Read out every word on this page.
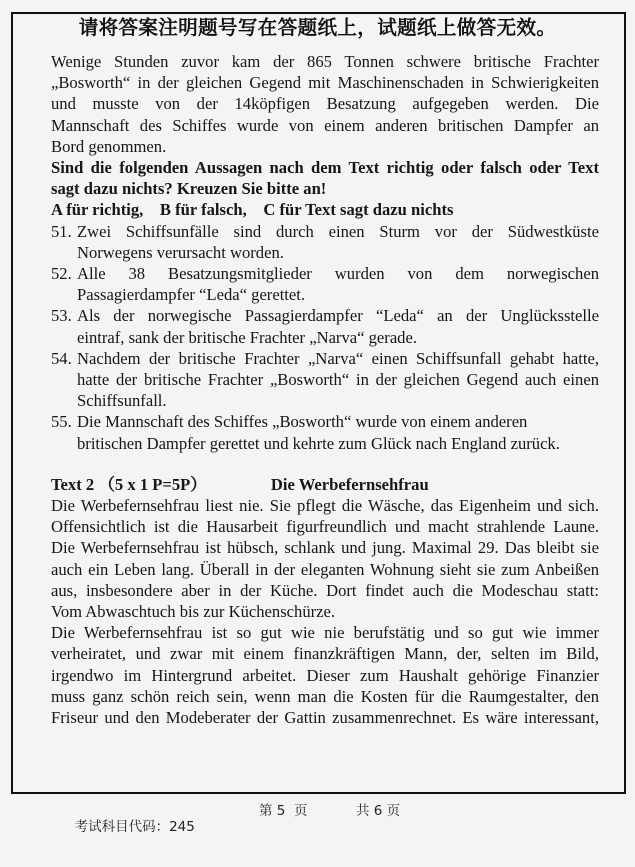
请将答案注明题号写在答题纸上，试题纸上做答无效。

Wenige Stunden zuvor kam der 865 Tonnen schwere britische Frachter

„Bosworth“ in der gleichen Gegend mit Maschinenschaden in Schwierigkeiten

und musste von der 14köpfigen Besatzung aufgegeben werden. Die

Mannschaft des Schiffes wurde von einem anderen britischen Dampfer an

Bord genommen.

Sind die folgenden Aussagen nach dem Text richtig oder falsch oder Text

sagt dazu nichts? Kreuzen Sie bitte an!

A für richtig,    B für falsch,    C für Text sagt dazu nichts

51. Zwei Schiffsunfälle sind durch einen Sturm vor der Südwestküste
Norwegens verursacht worden.
52. Alle 38 Besatzungsmitglieder wurden von dem norwegischen
Passagierdampfer “Leda“ gerettet.
53. Als der norwegische Passagierdampfer “Leda“ an der Unglücksstelle
eintraf, sank der britische Frachter „Narva“ gerade.
54. Nachdem der britische Frachter „Narva“ einen Schiffsunfall gehabt hatte,
hatte der britische Frachter „Bosworth“ in der gleichen Gegend auch einen
Schiffsunfall.
55. Die Mannschaft des Schiffes „Bosworth“ wurde von einem anderen
britischen Dampfer gerettet und kehrte zum Glück nach England zurück.

Text 2 （5 x 1 P=5P）	Die Werbefernsehfrau

Die Werbefernsehfrau liest nie. Sie pflegt die Wäsche, das Eigenheim und sich.

Offensichtlich ist die Hausarbeit figurfreundlich und macht strahlende Laune.

Die Werbefernsehfrau ist hübsch, schlank und jung. Maximal 29. Das bleibt sie

auch ein Leben lang. Überall in der eleganten Wohnung sieht sie zum Anbeißen

aus, insbesondere aber in der Küche. Dort findet auch die Modeschau statt:

Vom Abwaschtuch bis zur Küchenschürze.

Die Werbefernsehfrau ist so gut wie nie berufstätig und so gut wie immer

verheiratet, und zwar mit einem finanzkräftigen Mann, der, selten im Bild,

irgendwo im Hintergrund arbeitet. Dieser zum Haushalt gehörige Finanzier

muss ganz schön reich sein, wenn man die Kosten für die Raumgestalter, den

Friseur und den Modeberater der Gattin zusammenrechnet. Es wäre interessant,

考试科目代码：245

第 5  页

	共 6 页
